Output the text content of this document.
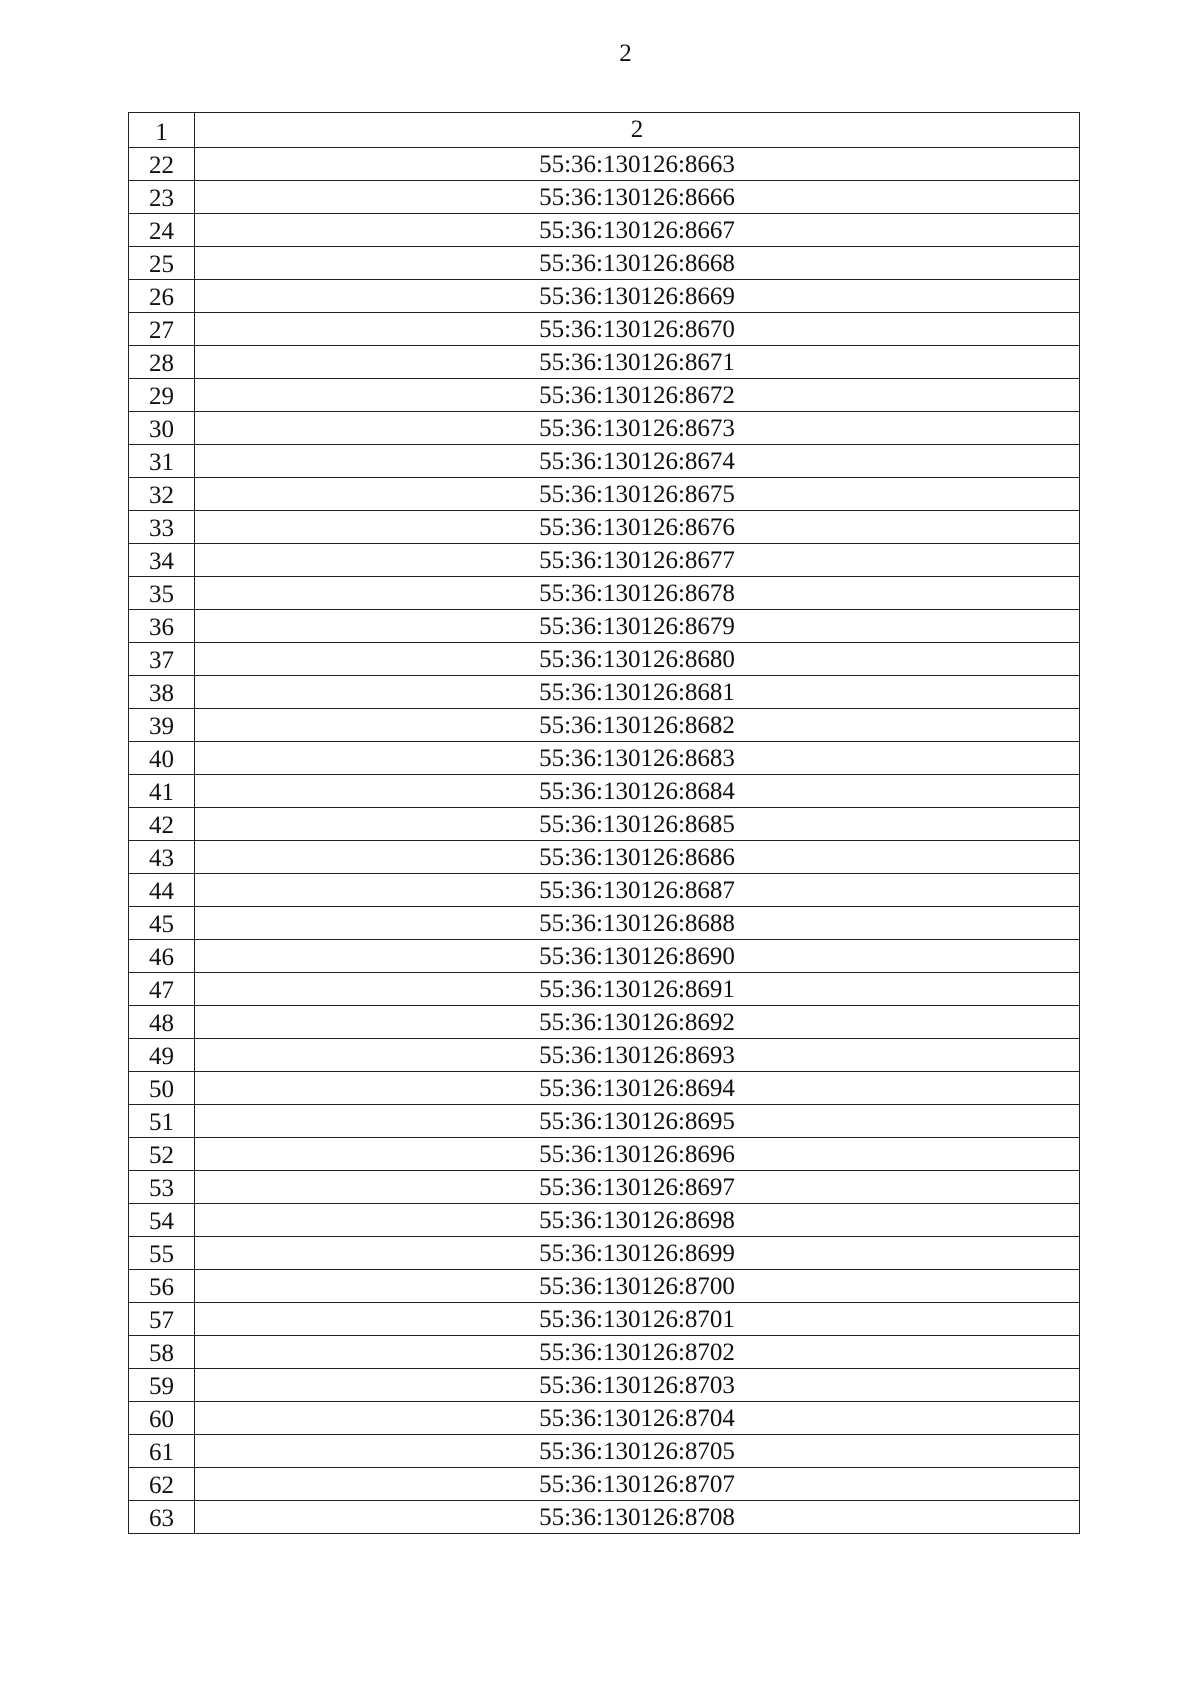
2
1	2
22	55:36:130126:8663
23	55:36:130126:8666
24	55:36:130126:8667
25	55:36:130126:8668
26	55:36:130126:8669
27	55:36:130126:8670
28	55:36:130126:8671
29	55:36:130126:8672
30	55:36:130126:8673
31	55:36:130126:8674
32	55:36:130126:8675
33	55:36:130126:8676
34	55:36:130126:8677
35	55:36:130126:8678
36	55:36:130126:8679
37	55:36:130126:8680
38	55:36:130126:8681
39	55:36:130126:8682
40	55:36:130126:8683
41	55:36:130126:8684
42	55:36:130126:8685
43	55:36:130126:8686
44	55:36:130126:8687
45	55:36:130126:8688
46	55:36:130126:8690
47	55:36:130126:8691
48	55:36:130126:8692
49	55:36:130126:8693
50	55:36:130126:8694
51	55:36:130126:8695
52	55:36:130126:8696
53	55:36:130126:8697
54	55:36:130126:8698
55	55:36:130126:8699
56	55:36:130126:8700
57	55:36:130126:8701
58	55:36:130126:8702
59	55:36:130126:8703
60	55:36:130126:8704
61	55:36:130126:8705
62	55:36:130126:8707
63	55:36:130126:8708
